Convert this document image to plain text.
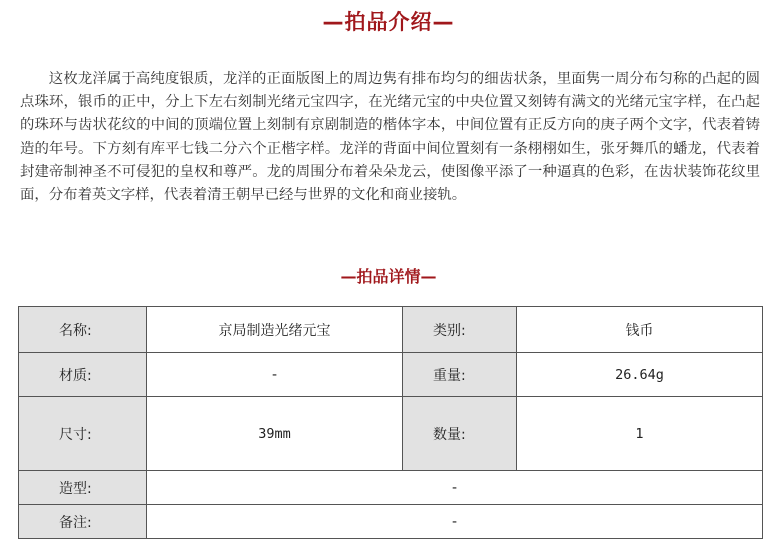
—拍品介绍—

这枚龙洋属于高纯度银质，龙洋的正面版图上的周边隽有排布均匀的细齿状条，里面隽一周分布匀称的凸起的圆点珠环，银币的正中，分上下左右刻制光绪元宝四字，在光绪元宝的中央位置又刻铸有满文的光绪元宝字样，在凸起的珠环与齿状花纹的中间的顶端位置上刻制有京剧制造的楷体字本，中间位置有正反方向的庚子两个文字，代表着铸造的年号。下方刻有库平七钱二分六个正楷字样。龙洋的背面中间位置刻有一条栩栩如生，张牙舞爪的蟠龙，代表着封建帝制神圣不可侵犯的皇权和尊严。龙的周围分布着朵朵龙云，使图像平添了一种逼真的色彩，在齿状装饰花纹里面，分布着英文字样，代表着清王朝早已经与世界的文化和商业接轨。

—拍品详情—
名称:	京局制造光绪元宝	类别:	钱币
材质:	-	重量:	26.64g
尺寸:	39mm	数量:	1
造型:	-		
备注:	-		
